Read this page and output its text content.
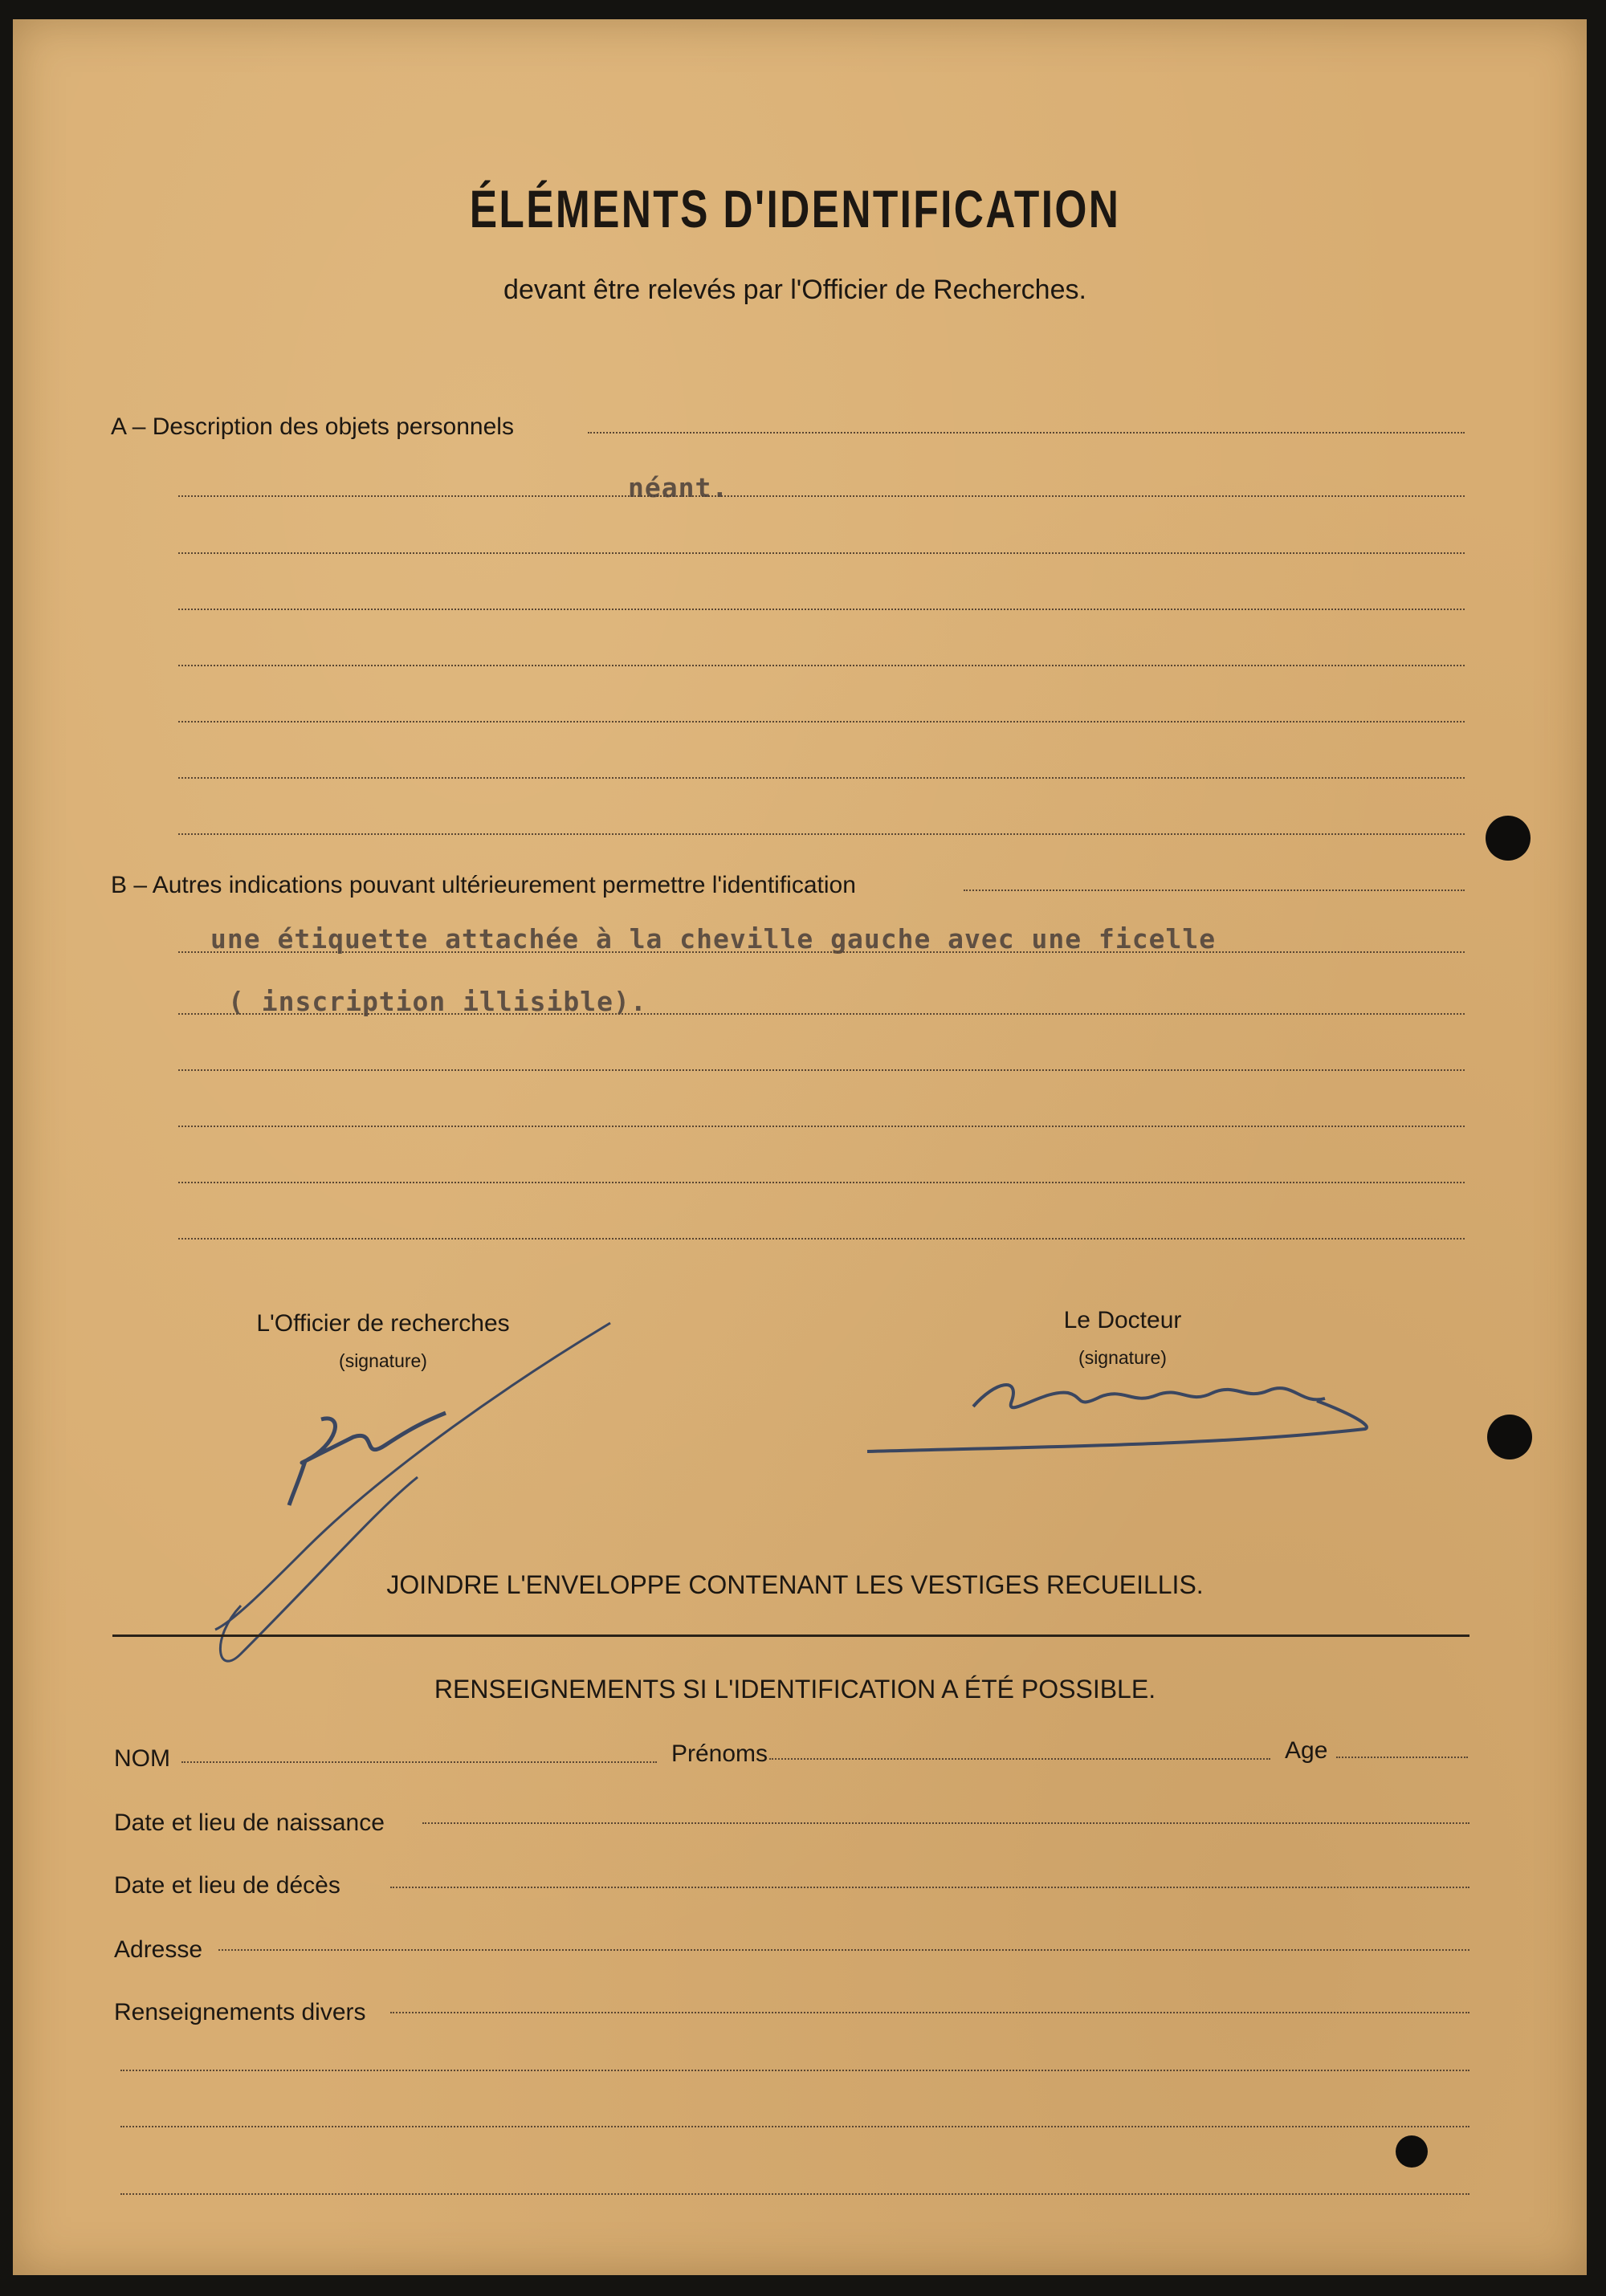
ÉLÉMENTS D'IDENTIFICATION
devant être relevés par l'Officier de Recherches.
A – Description des objets personnels
néant.
B – Autres indications pouvant ultérieurement permettre l'identification
une étiquette attachée à la cheville gauche avec une ficelle
( inscription illisible).
L'Officier de recherches
(signature)
Le Docteur
(signature)
JOINDRE L'ENVELOPPE CONTENANT LES VESTIGES RECUEILLIS.
RENSEIGNEMENTS SI L'IDENTIFICATION A ÉTÉ POSSIBLE.
NOM	Prénoms	Age
Date et lieu de naissance
Date et lieu de décès
Adresse
Renseignements divers
